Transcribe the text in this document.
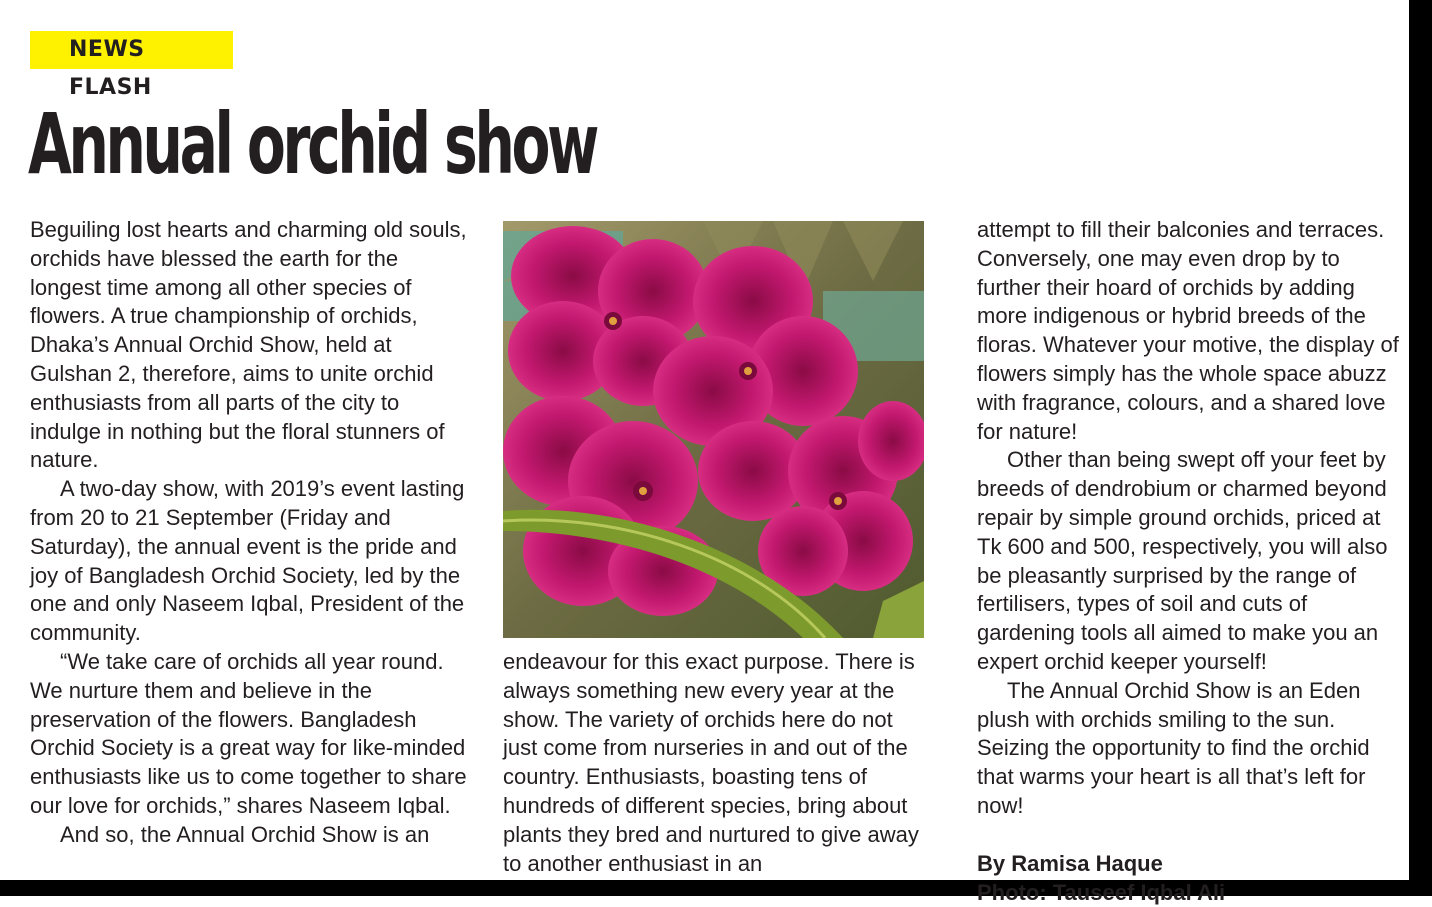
NEWS FLASH
Annual orchid show

Beguiling lost hearts and charming old souls, orchids have blessed the earth for the longest time among all other species of flowers. A true championship of orchids, Dhaka’s Annual Orchid Show, held at Gulshan 2, therefore, aims to unite orchid enthusiasts from all parts of the city to indulge in nothing but the floral stunners of nature.

A two-day show, with 2019’s event lasting from 20 to 21 September (Friday and Saturday), the annual event is the pride and joy of Bangladesh Orchid Society, led by the one and only Naseem Iqbal, President of the community.

“We take care of orchids all year round. We nurture them and believe in the preservation of the flowers. Bangladesh Orchid Society is a great way for like-minded enthusiasts like us to come together to share our love for orchids,” shares Naseem Iqbal.

And so, the Annual Orchid Show is an

endeavour for this exact purpose. There is always something new every year at the show. The variety of orchids here do not just come from nurseries in and out of the country. Enthusiasts, boasting tens of hundreds of different species, bring about plants they bred and nurtured to give away to another enthusiast in an

attempt to fill their balconies and terraces. Conversely, one may even drop by to further their hoard of orchids by adding more indigenous or hybrid breeds of the floras. Whatever your motive, the display of flowers simply has the whole space abuzz with fragrance, colours, and a shared love for nature!

Other than being swept off your feet by breeds of dendrobium or charmed beyond repair by simple ground orchids, priced at Tk 600 and 500, respectively, you will also be pleasantly surprised by the range of fertilisers, types of soil and cuts of gardening tools all aimed to make you an expert orchid keeper yourself!

The Annual Orchid Show is an Eden plush with orchids smiling to the sun. Seizing the opportunity to find the orchid that warms your heart is all that’s left for now!

By Ramisa Haque
Photo: Tauseef Iqbal Ali
